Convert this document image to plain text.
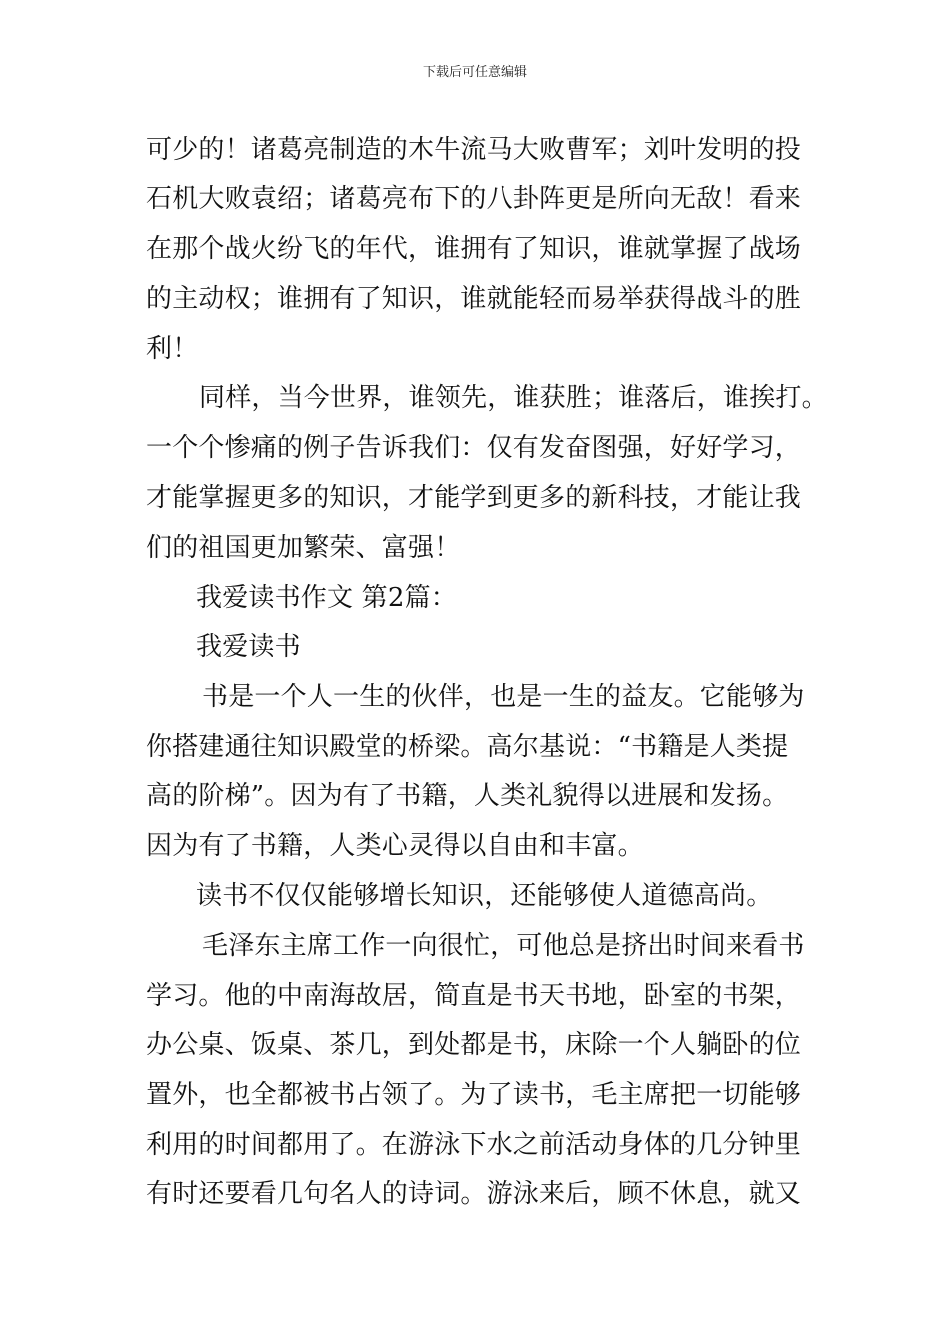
下载后可任意编辑
可少的！诸葛亮制造的木牛流马大败曹军；刘叶发明的投
石机大败袁绍；诸葛亮布下的八卦阵更是所向无敌！看来
在那个战火纷飞的年代，谁拥有了知识，谁就掌握了战场
的主动权；谁拥有了知识，谁就能轻而易举获得战斗的胜
利！
同样，当今世界，谁领先，谁获胜；谁落后，谁挨打。
一个个惨痛的例子告诉我们：仅有发奋图强，好好学习，
才能掌握更多的知识，才能学到更多的新科技，才能让我
们的祖国更加繁荣、富强！
我爱读书作文 第2篇：
我爱读书
书是一个人一生的伙伴，也是一生的益友。它能够为
你搭建通往知识殿堂的桥梁。高尔基说：“书籍是人类提
高的阶梯”。因为有了书籍，人类礼貌得以进展和发扬。
因为有了书籍，人类心灵得以自由和丰富。
读书不仅仅能够增长知识，还能够使人道德高尚。
毛泽东主席工作一向很忙，可他总是挤出时间来看书
学习。他的中南海故居，简直是书天书地，卧室的书架，
办公桌、饭桌、茶几，到处都是书，床除一个人躺卧的位
置外，也全都被书占领了。为了读书，毛主席把一切能够
利用的时间都用了。在游泳下水之前活动身体的几分钟里
有时还要看几句名人的诗词。游泳来后，顾不休息，就又
